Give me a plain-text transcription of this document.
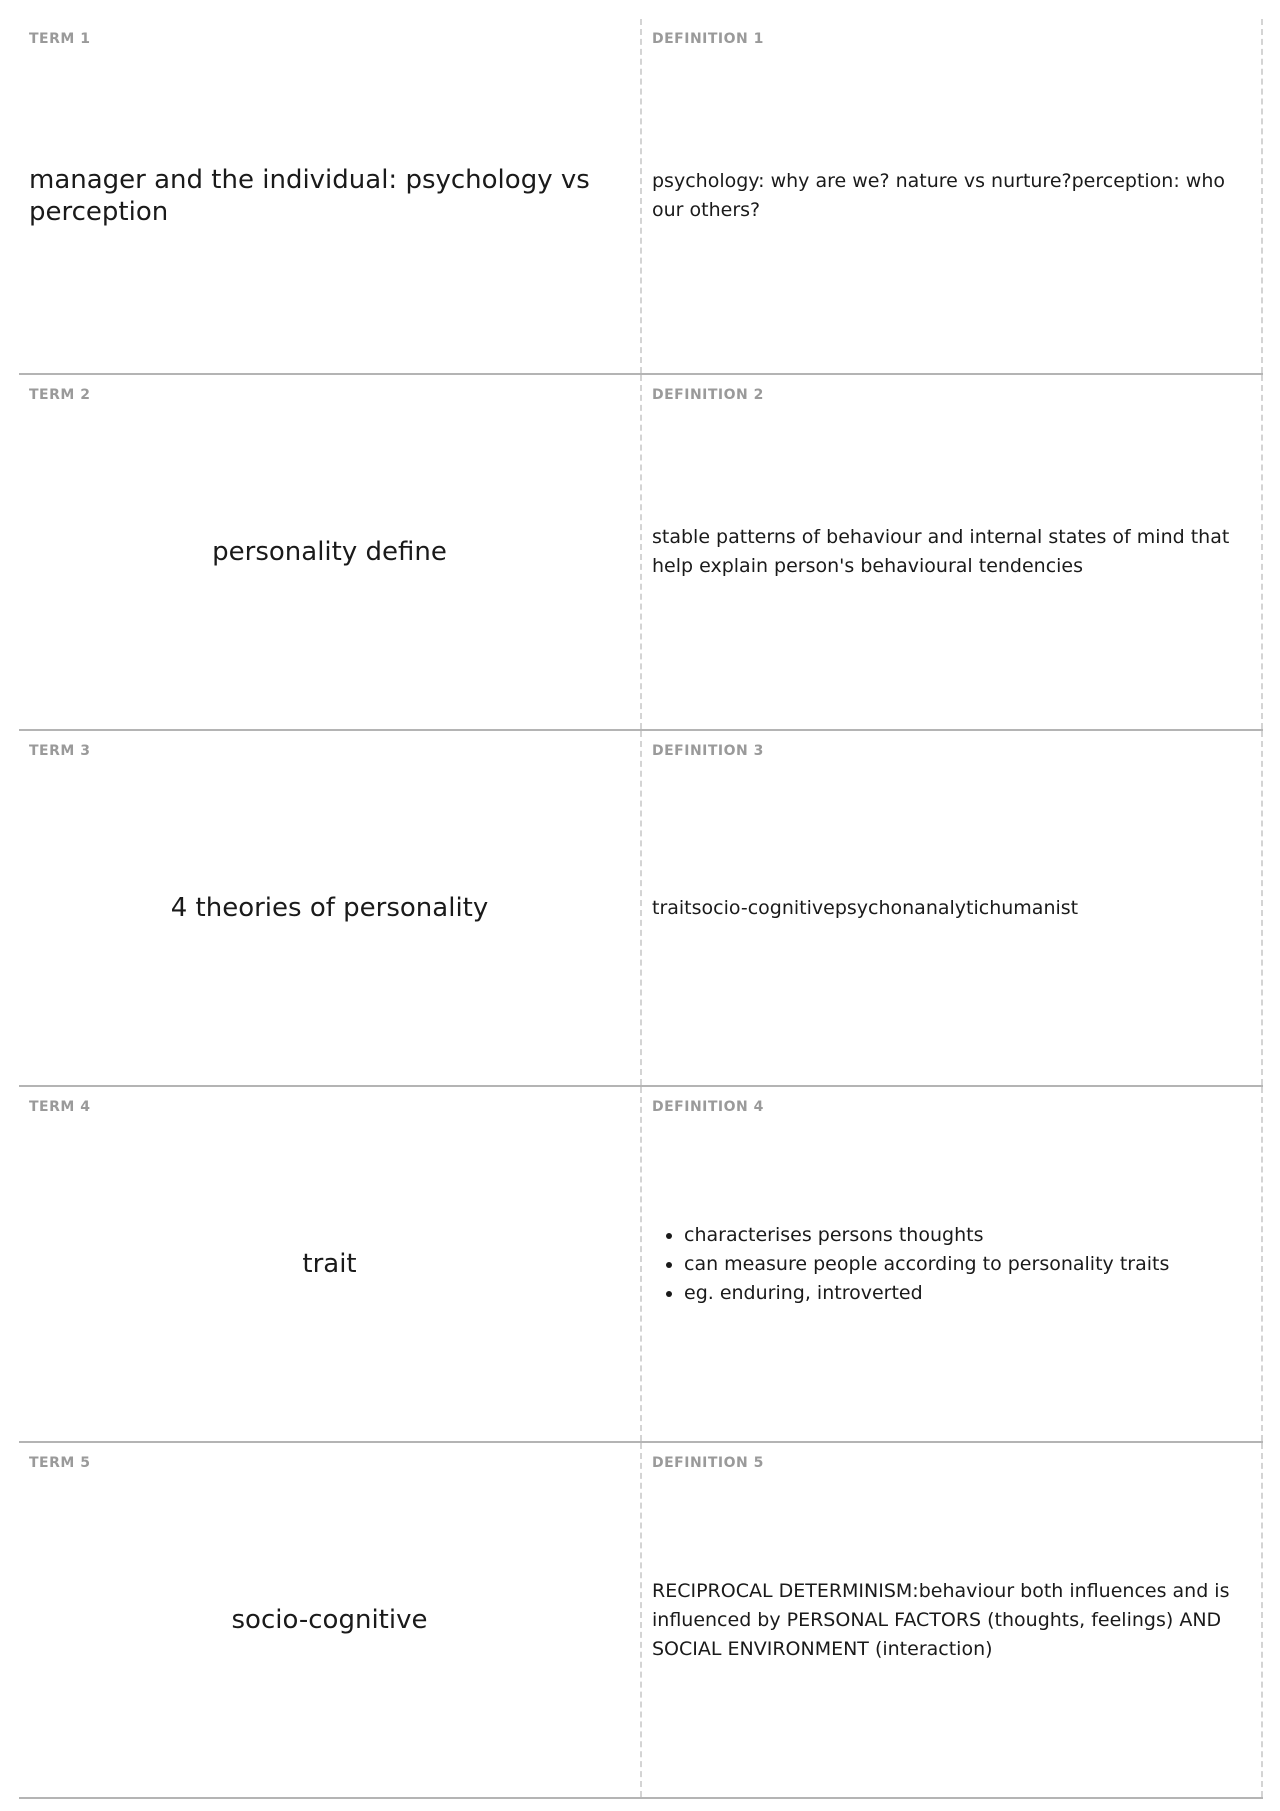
TERM 1
manager and the individual: psychology vs perception
DEFINITION 1
psychology: why are we? nature vs nurture?perception: who our others?
TERM 2
personality define
DEFINITION 2
stable patterns of behaviour and internal states of mind that help explain person's behavioural tendencies
TERM 3
4 theories of personality
DEFINITION 3
traitsocio-cognitivepsychonanalytichumanist
TERM 4
trait
DEFINITION 4
• characterises persons thoughts
• can measure people according to personality traits
• eg. enduring, introverted
TERM 5
socio-cognitive
DEFINITION 5
RECIPROCAL DETERMINISM:behaviour both influences and is influenced by PERSONAL FACTORS (thoughts, feelings) AND SOCIAL ENVIRONMENT (interaction)
